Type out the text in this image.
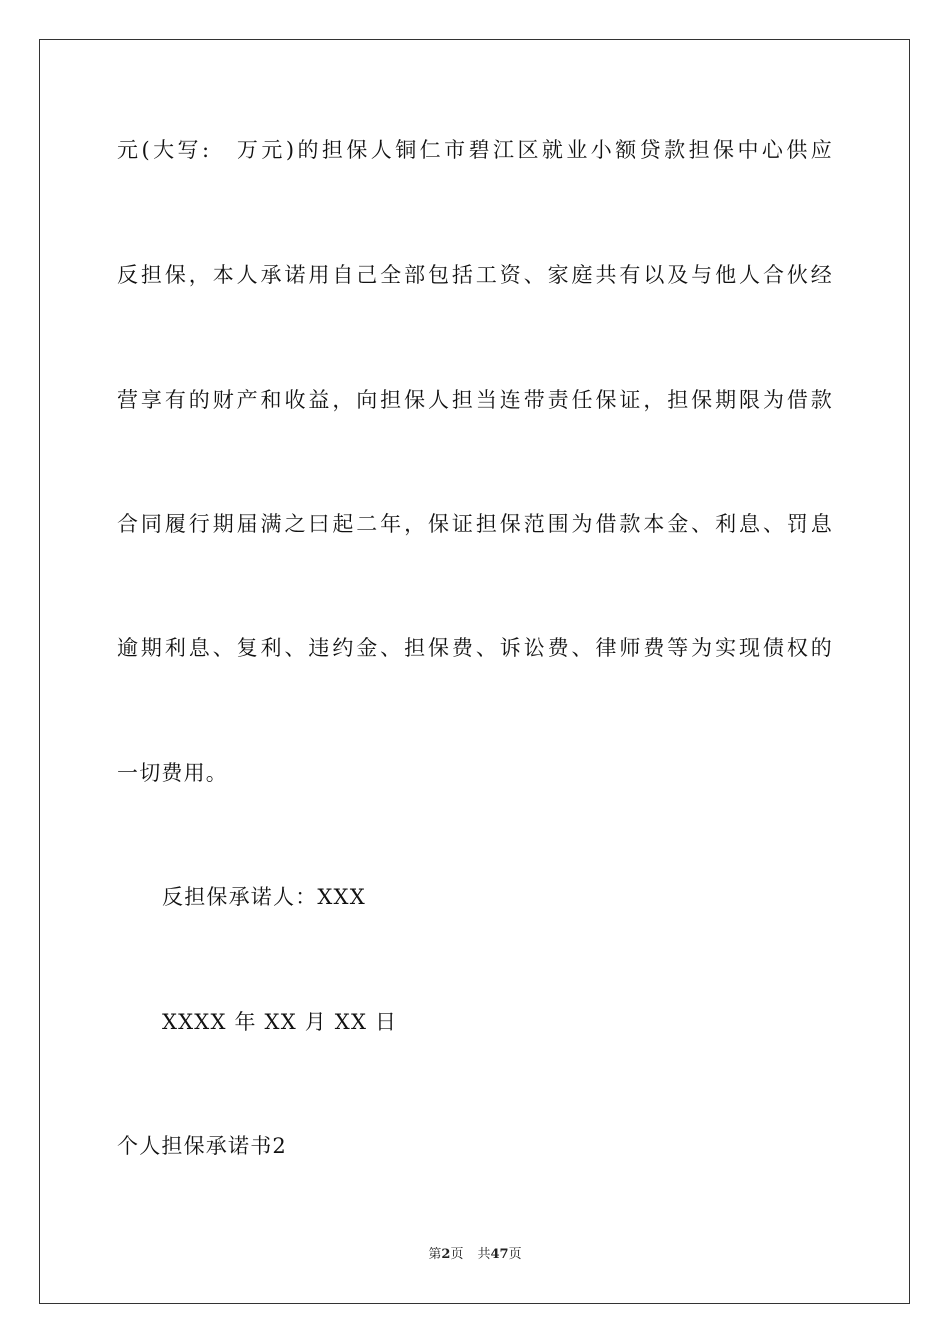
元(大写:　万元)的担保人铜仁市碧江区就业小额贷款担保中心供应
反担保，本人承诺用自己全部包括工资、家庭共有以及与他人合伙经
营享有的财产和收益，向担保人担当连带责任保证，担保期限为借款
合同履行期届满之曰起二年，保证担保范围为借款本金、利息、罚息
逾期利息、复利、违约金、担保费、诉讼费、律师费等为实现债权的
一切费用。
反担保承诺人：XXX
XXXX 年 XX 月 XX 日
个人担保承诺书2
第2页 共47页
